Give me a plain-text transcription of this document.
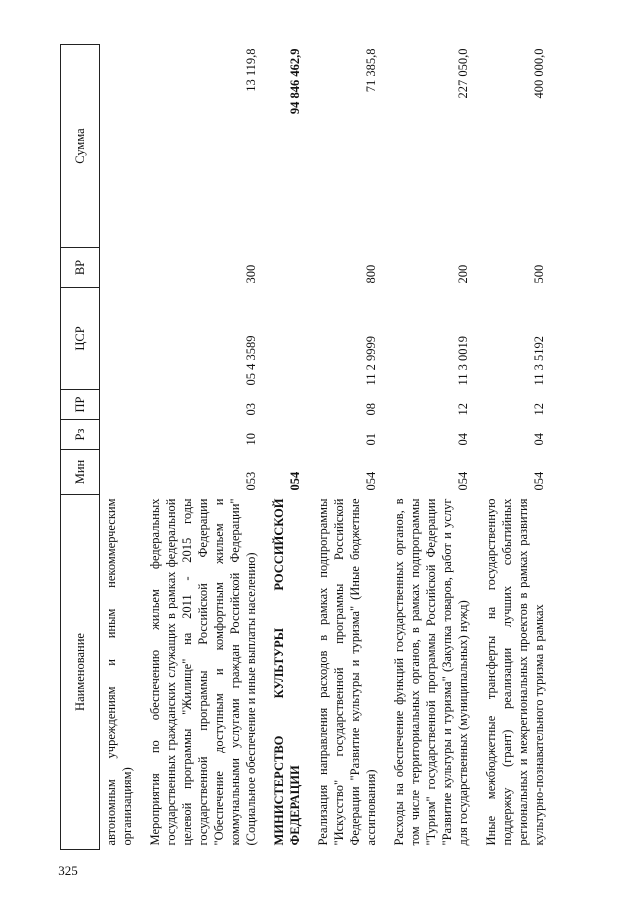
325
Наименование	Мин	Рз	ПР	ЦСР	ВР	Сумма
автономным учреждениям и иным некоммерческим организациям)						
Мероприятия по обеспечению жильем федеральных государственных гражданских служащих в рамках федеральной целевой программы "Жилище" на 2011 - 2015 годы государственной программы Российской Федерации "Обеспечение доступным и комфортным жильем и коммунальными услугами граждан Российской Федерации" (Социальное обеспечение и иные выплаты населению)	053	10	03	05 4 3589	300	13 119,8
МИНИСТЕРСТВО КУЛЬТУРЫ РОССИЙСКОЙ ФЕДЕРАЦИИ	054					94 846 462,9
Реализация направления расходов в рамках подпрограммы "Искусство" государственной программы Российской Федерации "Развитие культуры и туризма" (Иные бюджетные ассигнования)	054	01	08	11 2 9999	800	71 385,8
Расходы на обеспечение функций государственных органов, в том числе территориальных органов, в рамках подпрограммы "Туризм" государственной программы Российской Федерации "Развитие культуры и туризма" (Закупка товаров, работ и услуг для государственных (муниципальных) нужд)	054	04	12	11 3 0019	200	227 050,0
Иные межбюджетные трансферты на государственную поддержку (грант) реализации лучших событийных региональных и межрегиональных проектов в рамках развития культурно-познавательного туризма в рамках	054	04	12	11 3 5192	500	400 000,0
